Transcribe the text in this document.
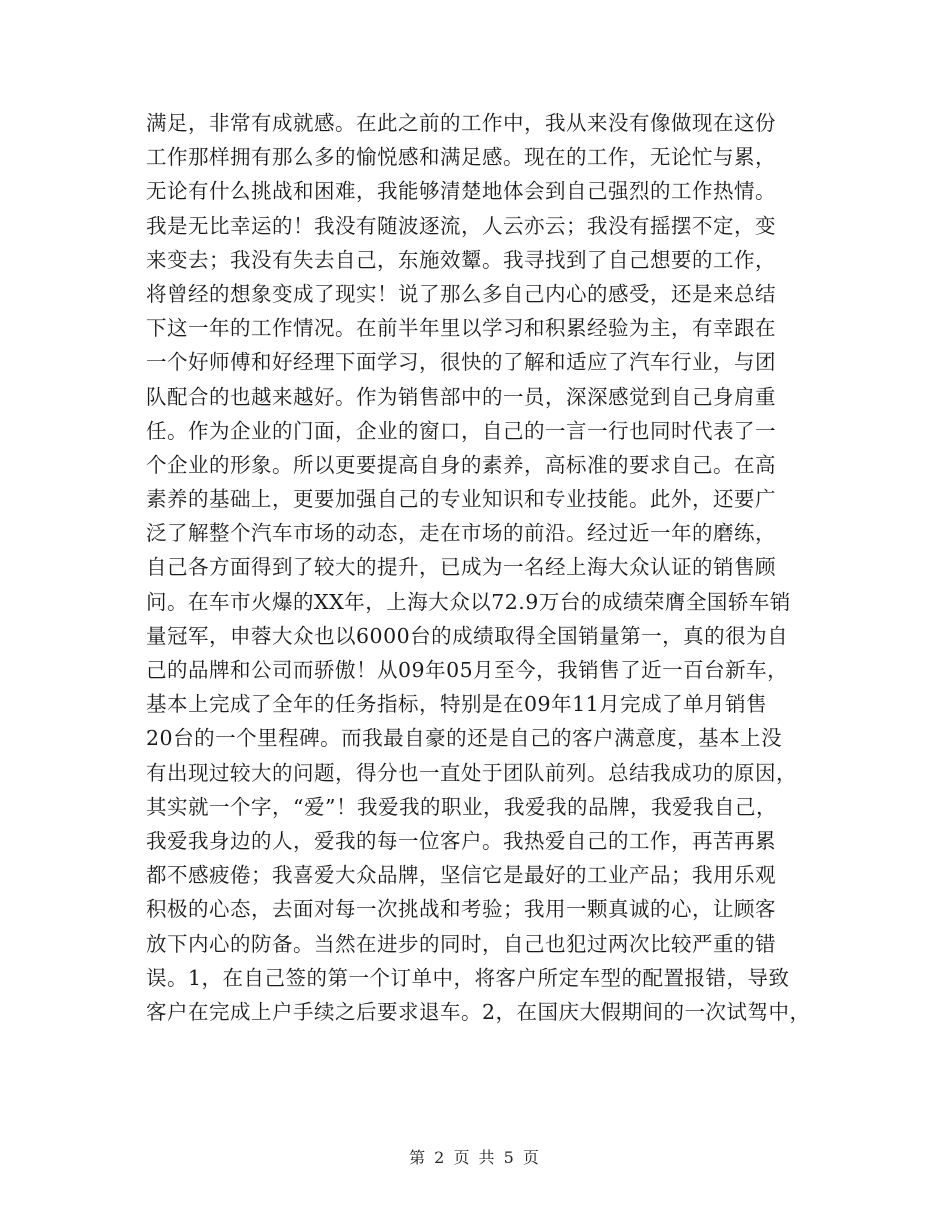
满足，非常有成就感。在此之前的工作中，我从来没有像做现在这份
工作那样拥有那么多的愉悦感和满足感。现在的工作，无论忙与累，
无论有什么挑战和困难，我能够清楚地体会到自己强烈的工作热情。
我是无比幸运的！我没有随波逐流，人云亦云；我没有摇摆不定，变
来变去；我没有失去自己，东施效颦。我寻找到了自己想要的工作，
将曾经的想象变成了现实！说了那么多自己内心的感受，还是来总结
下这一年的工作情况。在前半年里以学习和积累经验为主，有幸跟在
一个好师傅和好经理下面学习，很快的了解和适应了汽车行业，与团
队配合的也越来越好。作为销售部中的一员，深深感觉到自己身肩重
任。作为企业的门面，企业的窗口，自己的一言一行也同时代表了一
个企业的形象。所以更要提高自身的素养，高标准的要求自己。在高
素养的基础上，更要加强自己的专业知识和专业技能。此外，还要广
泛了解整个汽车市场的动态，走在市场的前沿。经过近一年的磨练，
自己各方面得到了较大的提升，已成为一名经上海大众认证的销售顾
问。在车市火爆的XX年，上海大众以72.9万台的成绩荣膺全国轿车销
量冠军，申蓉大众也以6000台的成绩取得全国销量第一，真的很为自
己的品牌和公司而骄傲！从09年05月至今，我销售了近一百台新车，
基本上完成了全年的任务指标，特别是在09年11月完成了单月销售
20台的一个里程碑。而我最自豪的还是自己的客户满意度，基本上没
有出现过较大的问题，得分也一直处于团队前列。总结我成功的原因，
其实就一个字，“爱”！我爱我的职业，我爱我的品牌，我爱我自己，
我爱我身边的人，爱我的每一位客户。我热爱自己的工作，再苦再累
都不感疲倦；我喜爱大众品牌，坚信它是最好的工业产品；我用乐观
积极的心态，去面对每一次挑战和考验；我用一颗真诚的心，让顾客
放下内心的防备。当然在进步的同时，自己也犯过两次比较严重的错
误。1，在自己签的第一个订单中，将客户所定车型的配置报错，导致
客户在完成上户手续之后要求退车。2，在国庆大假期间的一次试驾中，
第 2 页 共 5 页
